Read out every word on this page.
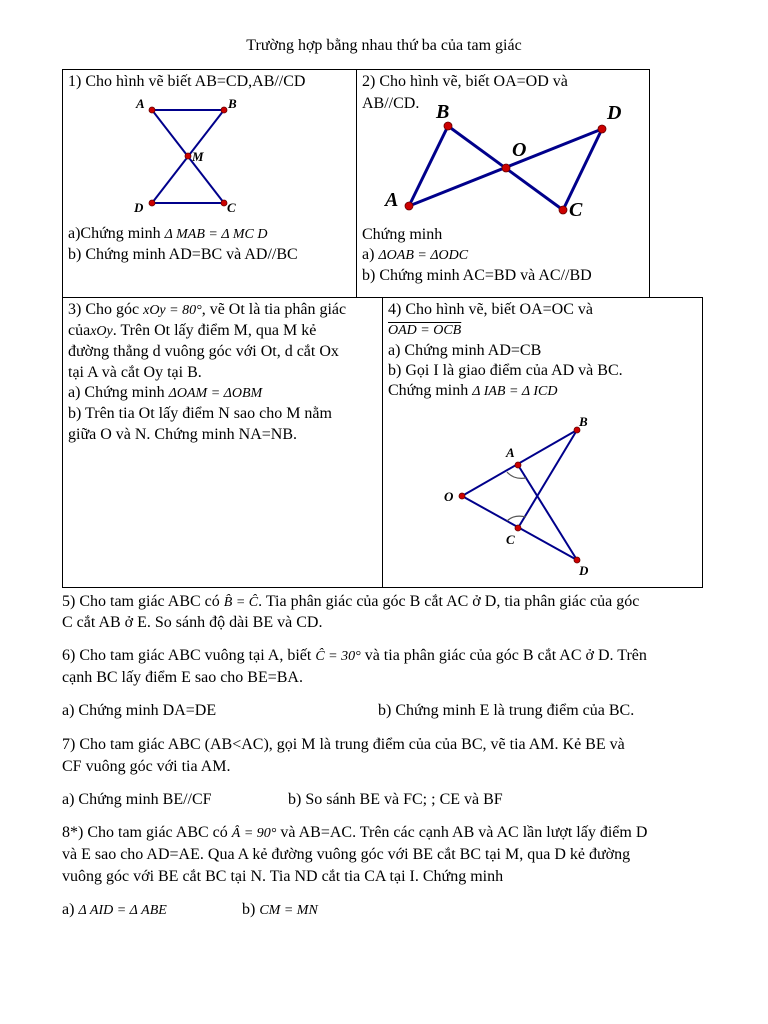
Trường hợp bằng nhau thứ ba của tam giác
1) Cho hình vẽ biết AB=CD,AB//CD
A	B
M
D	C
a)Chứng minh Δ MAB = Δ MC D
b) Chứng minh AD=BC và AD//BC
2) Cho hình vẽ, biết OA=OD và
AB//CD.
A
B
O
D
C
Chứng minh
a) ΔOAB = ΔODC
b) Chứng minh AC=BD và AC//BD
3) Cho góc xOy = 80°, vẽ Ot là tia phân giác
củaxOy. Trên Ot lấy điểm M, qua M kẻ
đường thẳng d vuông góc với Ot, d cắt Ox
tại A và cắt Oy tại B.
a) Chứng minh ΔOAM = ΔOBM
b) Trên tia Ot lấy điểm N sao cho M nằm
giữa O và N. Chứng minh NA=NB.
4) Cho hình vẽ, biết OA=OC và
OAD = OCB
a) Chứng minh AD=CB
b) Gọi I là giao điểm của AD và BC.
Chứng minh Δ IAB = Δ ICD
B
A
O
C
D
5) Cho tam giác ABC có B̂ = Ĉ. Tia phân giác của góc B cắt AC ở D, tia phân giác của góc
C cắt AB ở E. So sánh độ dài BE và CD.
6) Cho tam giác ABC vuông tại A, biết Ĉ = 30° và tia phân giác của góc B cắt AC ở D. Trên
cạnh BC lấy điểm E sao cho BE=BA.
a) Chứng minh DA=DE	b) Chứng minh E là trung điểm của BC.
7) Cho tam giác ABC (AB<AC), gọi M là trung điểm của của BC, vẽ tia AM. Kẻ BE và
CF vuông góc với tia AM.
a) Chứng minh BE//CF	b) So sánh BE và FC; ; CE và BF
8*) Cho tam giác ABC có Â = 90° và AB=AC. Trên các cạnh AB và AC lần lượt lấy điểm D
và E sao cho AD=AE. Qua A kẻ đường vuông góc với BE cắt BC tại M, qua D kẻ đường
vuông góc với BE cắt BC tại N. Tia ND cắt tia CA tại I. Chứng minh
a) Δ AID = Δ ABE	b) CM = MN
